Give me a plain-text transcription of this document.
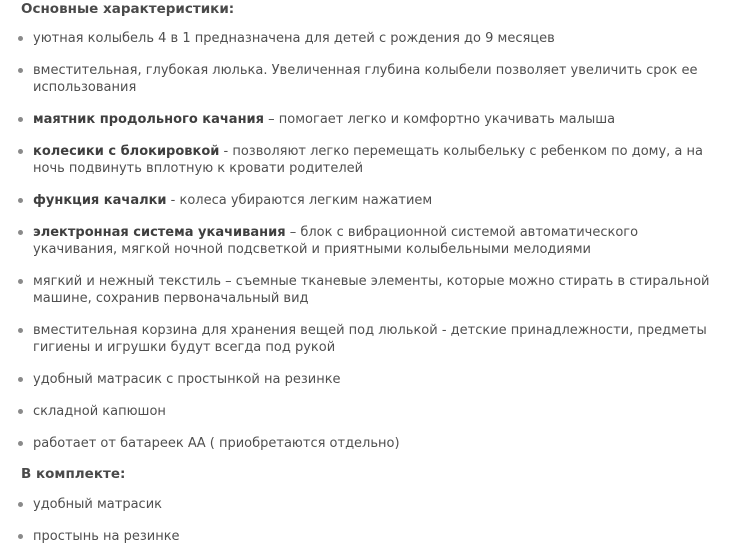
Основные характеристики:
уютная колыбель 4 в 1 предназначена для детей с рождения до 9 месяцев
вместительная, глубокая люлька. Увеличенная глубина колыбели позволяет увеличить срок ее использования
маятник продольного качания – помогает легко и комфортно укачивать малыша
колесики с блокировкой - позволяют легко перемещать колыбельку с ребенком по дому, а на ночь подвинуть вплотную к кровати родителей
функция качалки - колеса убираются легким нажатием
электронная система укачивания – блок с вибрационной системой автоматического укачивания, мягкой ночной подсветкой и приятными колыбельными мелодиями
мягкий и нежный текстиль – съемные тканевые элементы, которые можно стирать в стиральной машине, сохранив первоначальный вид
вместительная корзина для хранения вещей под люлькой - детские принадлежности, предметы гигиены и игрушки будут всегда под рукой
удобный матрасик с простынкой на резинке
складной капюшон
работает от батареек АА ( приобретаются отдельно)
В комплекте:
удобный матрасик
простынь на резинке
